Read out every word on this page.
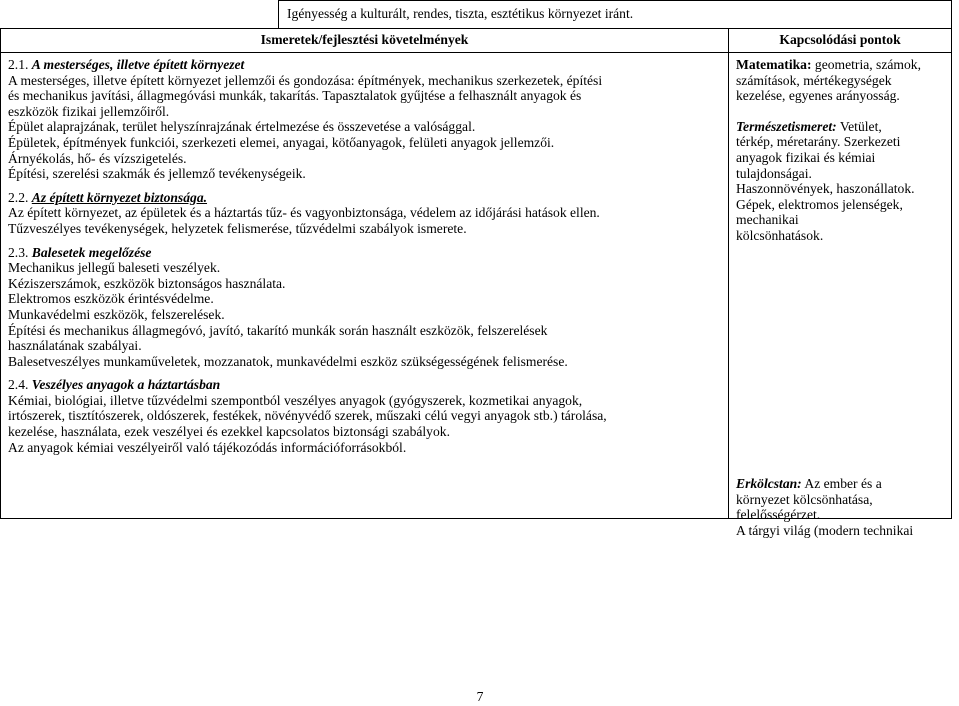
Igényesség a kulturált, rendes, tiszta, esztétikus környezet iránt.
Ismeretek/fejlesztési követelmények	Kapcsolódási pontok
2.1. A mesterséges, illetve épített környezet
A mesterséges, illetve épített környezet jellemzői és gondozása: építmények, mechanikus szerkezetek, építési
és mechanikus javítási, állagmegóvási munkák, takarítás. Tapasztalatok gyűjtése a felhasznált anyagok és
eszközök fizikai jellemzőiről.
Épület alaprajzának, terület helyszínrajzának értelmezése és összevetése a valósággal.
Épületek, építmények funkciói, szerkezeti elemei, anyagai, kötőanyagok, felületi anyagok jellemzői.
Árnyékolás, hő- és vízszigetelés.
Építési, szerelési szakmák és jellemző tevékenységeik.
2.2. Az épített környezet biztonsága.
Az épített környezet, az épületek és a háztartás tűz- és vagyonbiztonsága, védelem az időjárási hatások ellen.
Tűzveszélyes tevékenységek, helyzetek felismerése, tűzvédelmi szabályok ismerete.
2.3. Balesetek megelőzése
Mechanikus jellegű baleseti veszélyek.
Kéziszerszámok, eszközök biztonságos használata.
Elektromos eszközök érintésvédelme.
Munkavédelmi eszközök, felszerelések.
Építési és mechanikus állagmegóvó, javító, takarító munkák során használt eszközök, felszerelések
használatának szabályai.
Balesetveszélyes munkaműveletek, mozzanatok, munkavédelmi eszköz szükségességének felismerése.
2.4. Veszélyes anyagok a háztartásban
Kémiai, biológiai, illetve tűzvédelmi szempontból veszélyes anyagok (gyógyszerek, kozmetikai anyagok,
irtószerek, tisztítószerek, oldószerek, festékek, növényvédő szerek, műszaki célú vegyi anyagok stb.) tárolása,
kezelése, használata, ezek veszélyei és ezekkel kapcsolatos biztonsági szabályok.
Az anyagok kémiai veszélyeiről való tájékozódás információforrásokból.
Matematika: geometria, számok,
számítások, mértékegységek
kezelése, egyenes arányosság.
Természetismeret: Vetület,
térkép, méretarány. Szerkezeti
anyagok fizikai és kémiai
tulajdonságai.
Haszonnövények, haszonállatok.
Gépek, elektromos jelenségek,
mechanikai
kölcsönhatások.
Erkölcstan: Az ember és a
környezet kölcsönhatása,
felelősségérzet.
A tárgyi világ (modern technikai
7
